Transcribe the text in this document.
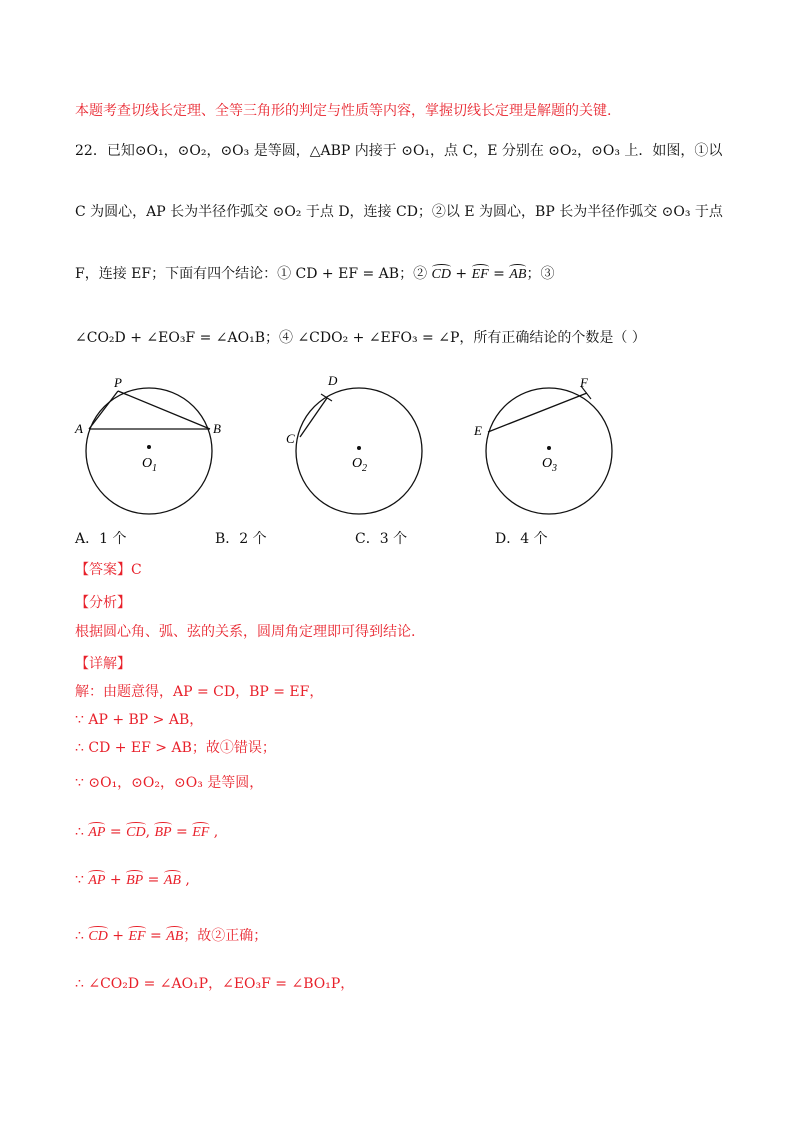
本题考查切线长定理、全等三角形的判定与性质等内容，掌握切线长定理是解题的关键.
22．已知⊙O₁，⊙O₂，⊙O₃ 是等圆，△ABP 内接于 ⊙O₁，点 C，E 分别在 ⊙O₂，⊙O₃ 上．如图，①以
C 为圆心，AP 长为半径作弧交 ⊙O₂ 于点 D，连接 CD；②以 E 为圆心，BP 长为半径作弧交 ⊙O₃ 于点
F，连接 EF；下面有四个结论：① CD + EF = AB；② CD + EF = AB；③
∠CO₂D + ∠EO₃F = ∠AO₁B；④ ∠CDO₂ + ∠EFO₃ = ∠P，所有正确结论的个数是（ ）
P
A	B
O 1
D
C
O 2
F
E
O 3
A．1 个	B．2 个	C．3 个	D．4 个
【答案】C
【分析】
根据圆心角、弧、弦的关系，圆周角定理即可得到结论.
【详解】
解：由题意得，AP = CD，BP = EF，
∵ AP + BP > AB，
∴ CD + EF > AB；故①错误；
∵ ⊙O₁，⊙O₂，⊙O₃ 是等圆，
∴ AP = CD, BP = EF ,
∵ AP + BP = AB ,
∴ CD + EF = AB；故②正确；
∴ ∠CO₂D = ∠AO₁P，∠EO₃F = ∠BO₁P，
